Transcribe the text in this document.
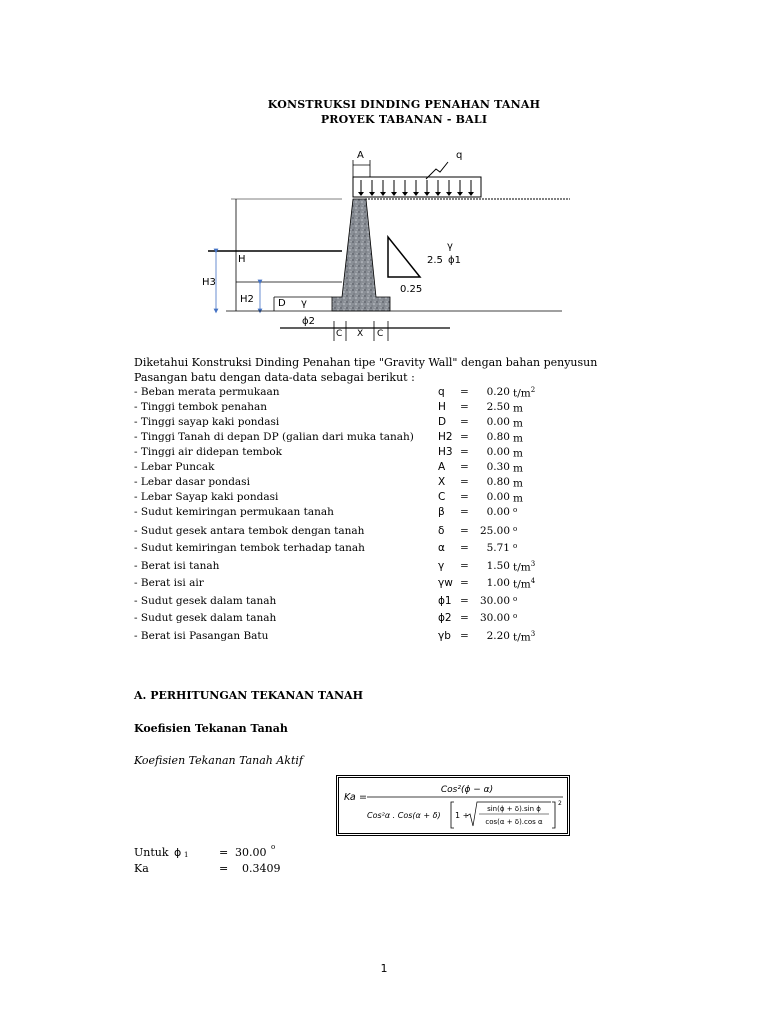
KONSTRUKSI DINDING PENAHAN TANAH
PROYEK TABANAN - BALI
A	q
H
H3
H2 D
γ
2.5 ϕ1
0.25
γ
ϕ2
C X C
Diketahui Konstruksi Dinding Penahan tipe "Gravity Wall" dengan bahan penyusun
Pasangan batu dengan data-data sebagai berikut :
- Beban merata permukaan	q =	0.20 $t/m^2$
- Tinggi tembok penahan	H =	2.50 m
- Tinggi sayap kaki pondasi	D =	0.00 m
- Tinggi Tanah di depan DP (galian dari muka tanah) H2 =	0.80 m
- Tinggi air didepan tembok	H3 =	0.00 m
- Lebar Puncak	A =	0.30 m
- Lebar dasar pondasi	X =	0.80 m
- Lebar Sayap kaki pondasi	C =	0.00 m
- Sudut kemiringan permukaan tanah	β =	0.00 $^o$
- Sudut gesek antara tembok dengan tanah	δ =	25.00 $^o$
- Sudut kemiringan tembok terhadap tanah	α =	5.71 $^o$
- Berat isi tanah	γ =	1.50 $t/m^3$
- Berat isi air	γw =	1.00 $t/m^4$
- Sudut gesek dalam tanah	ϕ1 =	30.00 $^o$
- Sudut gesek dalam tanah	ϕ2 =	30.00 $^o$
- Berat isi Pasangan Batu	γb =	2.20 $t/m^3$
A. PERHITUNGAN TEKANAN TANAH
Koefisien Tekanan Tanah
Koefisien Tekanan Tanah Aktif
Ka =
Cos²(ϕ − α)
Cos²α . Cos(α + δ) 1 +
sin(ϕ + δ).sin ϕ
cos(α + δ).cos α
2
Untuk ϕ 1	= 30.00 o
Ka	= 0.3409
1
